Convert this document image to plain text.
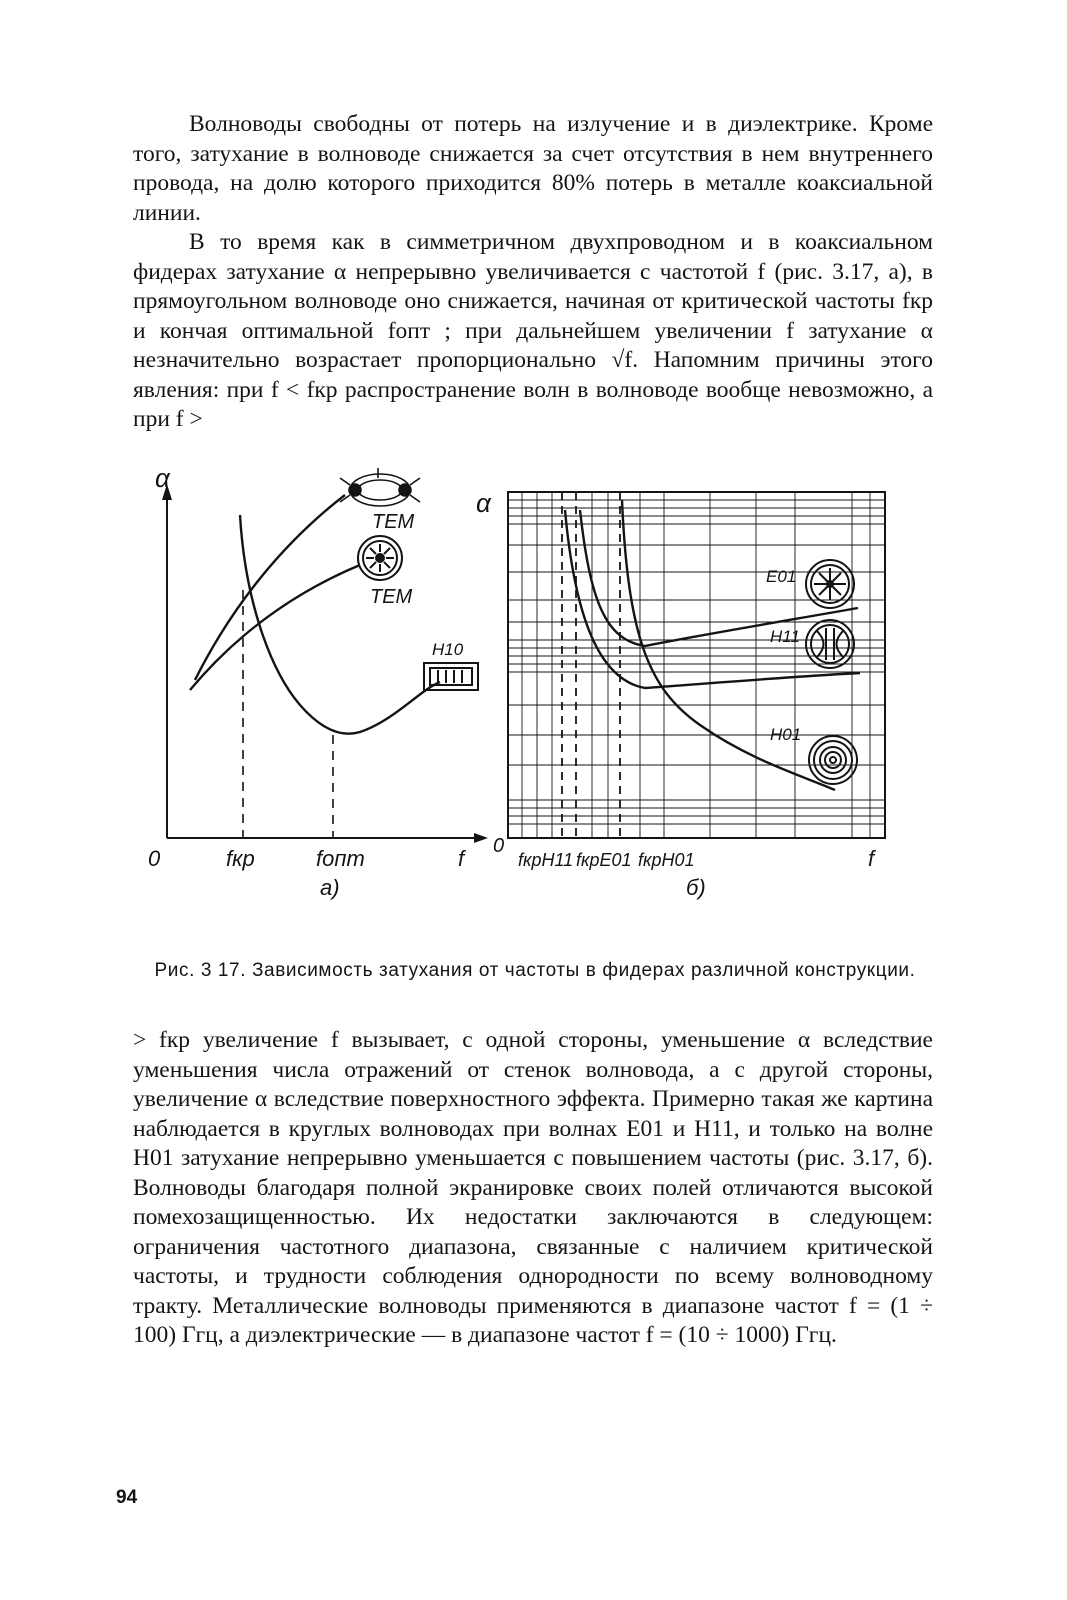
Волноводы свободны от потерь на излучение и в диэлектрике. Кроме того, затухание в волноводе снижается за счет отсутствия в нем внутреннего провода, на долю которого приходится 80% потерь в металле коаксиальной линии.

В то время как в симметричном двухпроводном и в коаксиальном фидерах затухание α непрерывно увеличивается с частотой f (рис. 3.17, а), в прямоугольном волноводе оно снижается, начиная от критической частоты fкр и кончая оптимальной fопт ; при дальнейшем увеличении f затухание α незначительно возрастает пропорционально √f. Напомним причины этого явления: при f < fкр распространение волн в волноводе вообще невозможно, а при f >

α
TEM
TEM
H10
0	fкр	fопт	f
а)
α
E01
H11
H01
0
fкрH11 fкрE01 fкрH01	f
б)

Рис. 3 17. Зависимость затухания от частоты в фидерах различной конструкции.

> fкр увеличение f вызывает, с одной стороны, уменьшение α вследствие уменьшения числа отражений от стенок волновода, а с другой стороны, увеличение α вследствие поверхностного эффекта. Примерно такая же картина наблюдается в круглых волноводах при волнах E01 и H11, и только на волне H01 затухание непрерывно уменьшается с повышением частоты (рис. 3.17, б). Волноводы благодаря полной экранировке своих полей отличаются высокой помехозащищенностью. Их недостатки заключаются в следующем: ограничения частотного диапазона, связанные с наличием критической частоты, и трудности соблюдения однородности по всему волноводному тракту. Металлические волноводы применяются в диапазоне частот f = (1 ÷ 100) Ггц, а диэлектрические — в диапазоне частот f = (10 ÷ 1000) Ггц.

94
